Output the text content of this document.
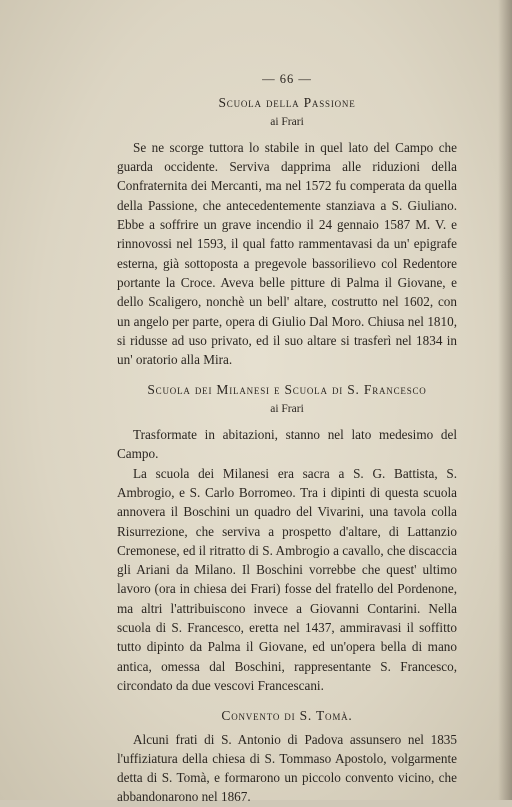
— 66 —
Scuola della Passione
ai Frari

Se ne scorge tuttora lo stabile in quel lato del Campo che guarda occidente. Serviva dapprima alle riduzioni della Confraternita dei Mercanti, ma nel 1572 fu comperata da quella della Passione, che antecedentemente stanziava a S. Giuliano. Ebbe a soffrire un grave incendio il 24 gennaio 1587 M. V. e rinnovossi nel 1593, il qual fatto rammentavasi da un' epigrafe esterna, già sottoposta a pregevole bassorilievo col Redentore portante la Croce. Aveva belle pitture di Palma il Giovane, e dello Scaligero, nonchè un bell' altare, costrutto nel 1602, con un angelo per parte, opera di Giulio Dal Moro. Chiusa nel 1810, si ridusse ad uso privato, ed il suo altare si trasferì nel 1834 in un' oratorio alla Mira.

Scuola dei Milanesi e Scuola di S. Francesco
ai Frari

Trasformate in abitazioni, stanno nel lato medesimo del Campo.

La scuola dei Milanesi era sacra a S. G. Battista, S. Ambrogio, e S. Carlo Borromeo. Tra i dipinti di questa scuola annovera il Boschini un quadro del Vivarini, una tavola colla Risurrezione, che serviva a prospetto d'altare, di Lattanzio Cremonese, ed il ritratto di S. Ambrogio a cavallo, che discaccia gli Ariani da Milano. Il Boschini vorrebbe che quest' ultimo lavoro (ora in chiesa dei Frari) fosse del fratello del Pordenone, ma altri l'attribuiscono invece a Giovanni Contarini. Nella scuola di S. Francesco, eretta nel 1437, ammiravasi il soffitto tutto dipinto da Palma il Giovane, ed un'opera bella di mano antica, omessa dal Boschini, rappresentante S. Francesco, circondato da due vescovi Francescani.

Convento di S. Tomà.

Alcuni frati di S. Antonio di Padova assunsero nel 1835 l'uffiziatura della chiesa di S. Tommaso Apostolo, volgarmente detta di S. Tomà, e formarono un piccolo convento vicino, che abbandonarono nel 1867.
